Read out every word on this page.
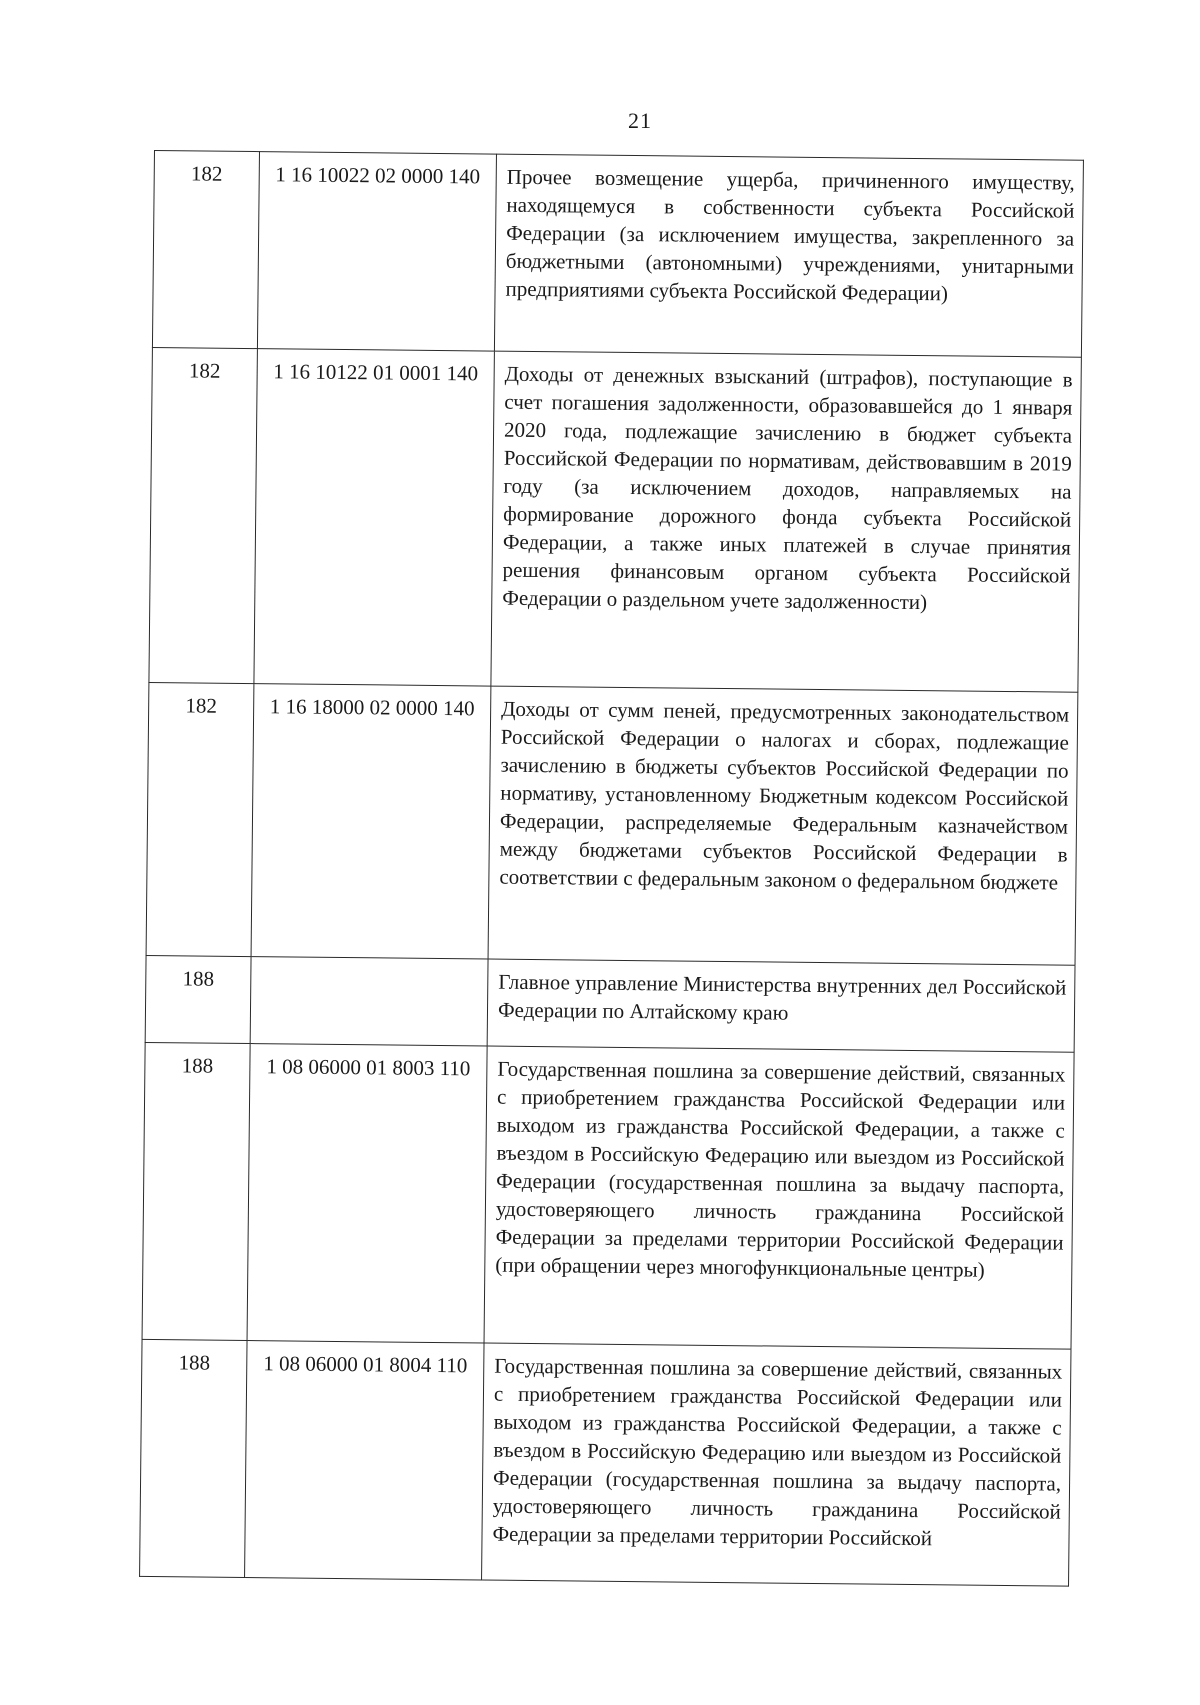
21
182	1 16 10022 02 0000 140	Прочее возмещение ущерба, причиненного имуществу, находящемуся в собственности субъекта Российской Федерации (за исключением имущества, закрепленного за бюджетными (автономными) учреждениями, унитарными предприятиями субъекта Российской Федерации)
182	1 16 10122 01 0001 140	Доходы от денежных взысканий (штрафов), поступающие в счет погашения задолженности, образовавшейся до 1 января 2020 года, подлежащие зачислению в бюджет субъекта Российской Федерации по нормативам, действовавшим в 2019 году (за исключением доходов, направляемых на формирование дорожного фонда субъекта Российской Федерации, а также иных платежей в случае принятия решения финансовым органом субъекта Российской Федерации о раздельном учете задолженности)
182	1 16 18000 02 0000 140	Доходы от сумм пеней, предусмотренных законодательством Российской Федерации о налогах и сборах, подлежащие зачислению в бюджеты субъектов Российской Федерации по нормативу, установленному Бюджетным кодексом Российской Федерации, распределяемые Федеральным казначейством между бюджетами субъектов Российской Федерации в соответствии с федеральным законом о федеральном бюджете
188		Главное управление Министерства внутренних дел Российской Федерации по Алтайскому краю
188	1 08 06000 01 8003 110	Государственная пошлина за совершение действий, связанных с приобретением гражданства Российской Федерации или выходом из гражданства Российской Федерации, а также с въездом в Российскую Федерацию или выездом из Российской Федерации (государственная пошлина за выдачу паспорта, удостоверяющего личность гражданина Российской Федерации за пределами территории Российской Федерации (при обращении через многофункциональные центры)
188	1 08 06000 01 8004 110	Государственная пошлина за совершение действий, связанных с приобретением гражданства Российской Федерации или выходом из гражданства Российской Федерации, а также с въездом в Российскую Федерацию или выездом из Российской Федерации (государственная пошлина за выдачу паспорта, удостоверяющего личность гражданина Российской Федерации за пределами территории Российской
